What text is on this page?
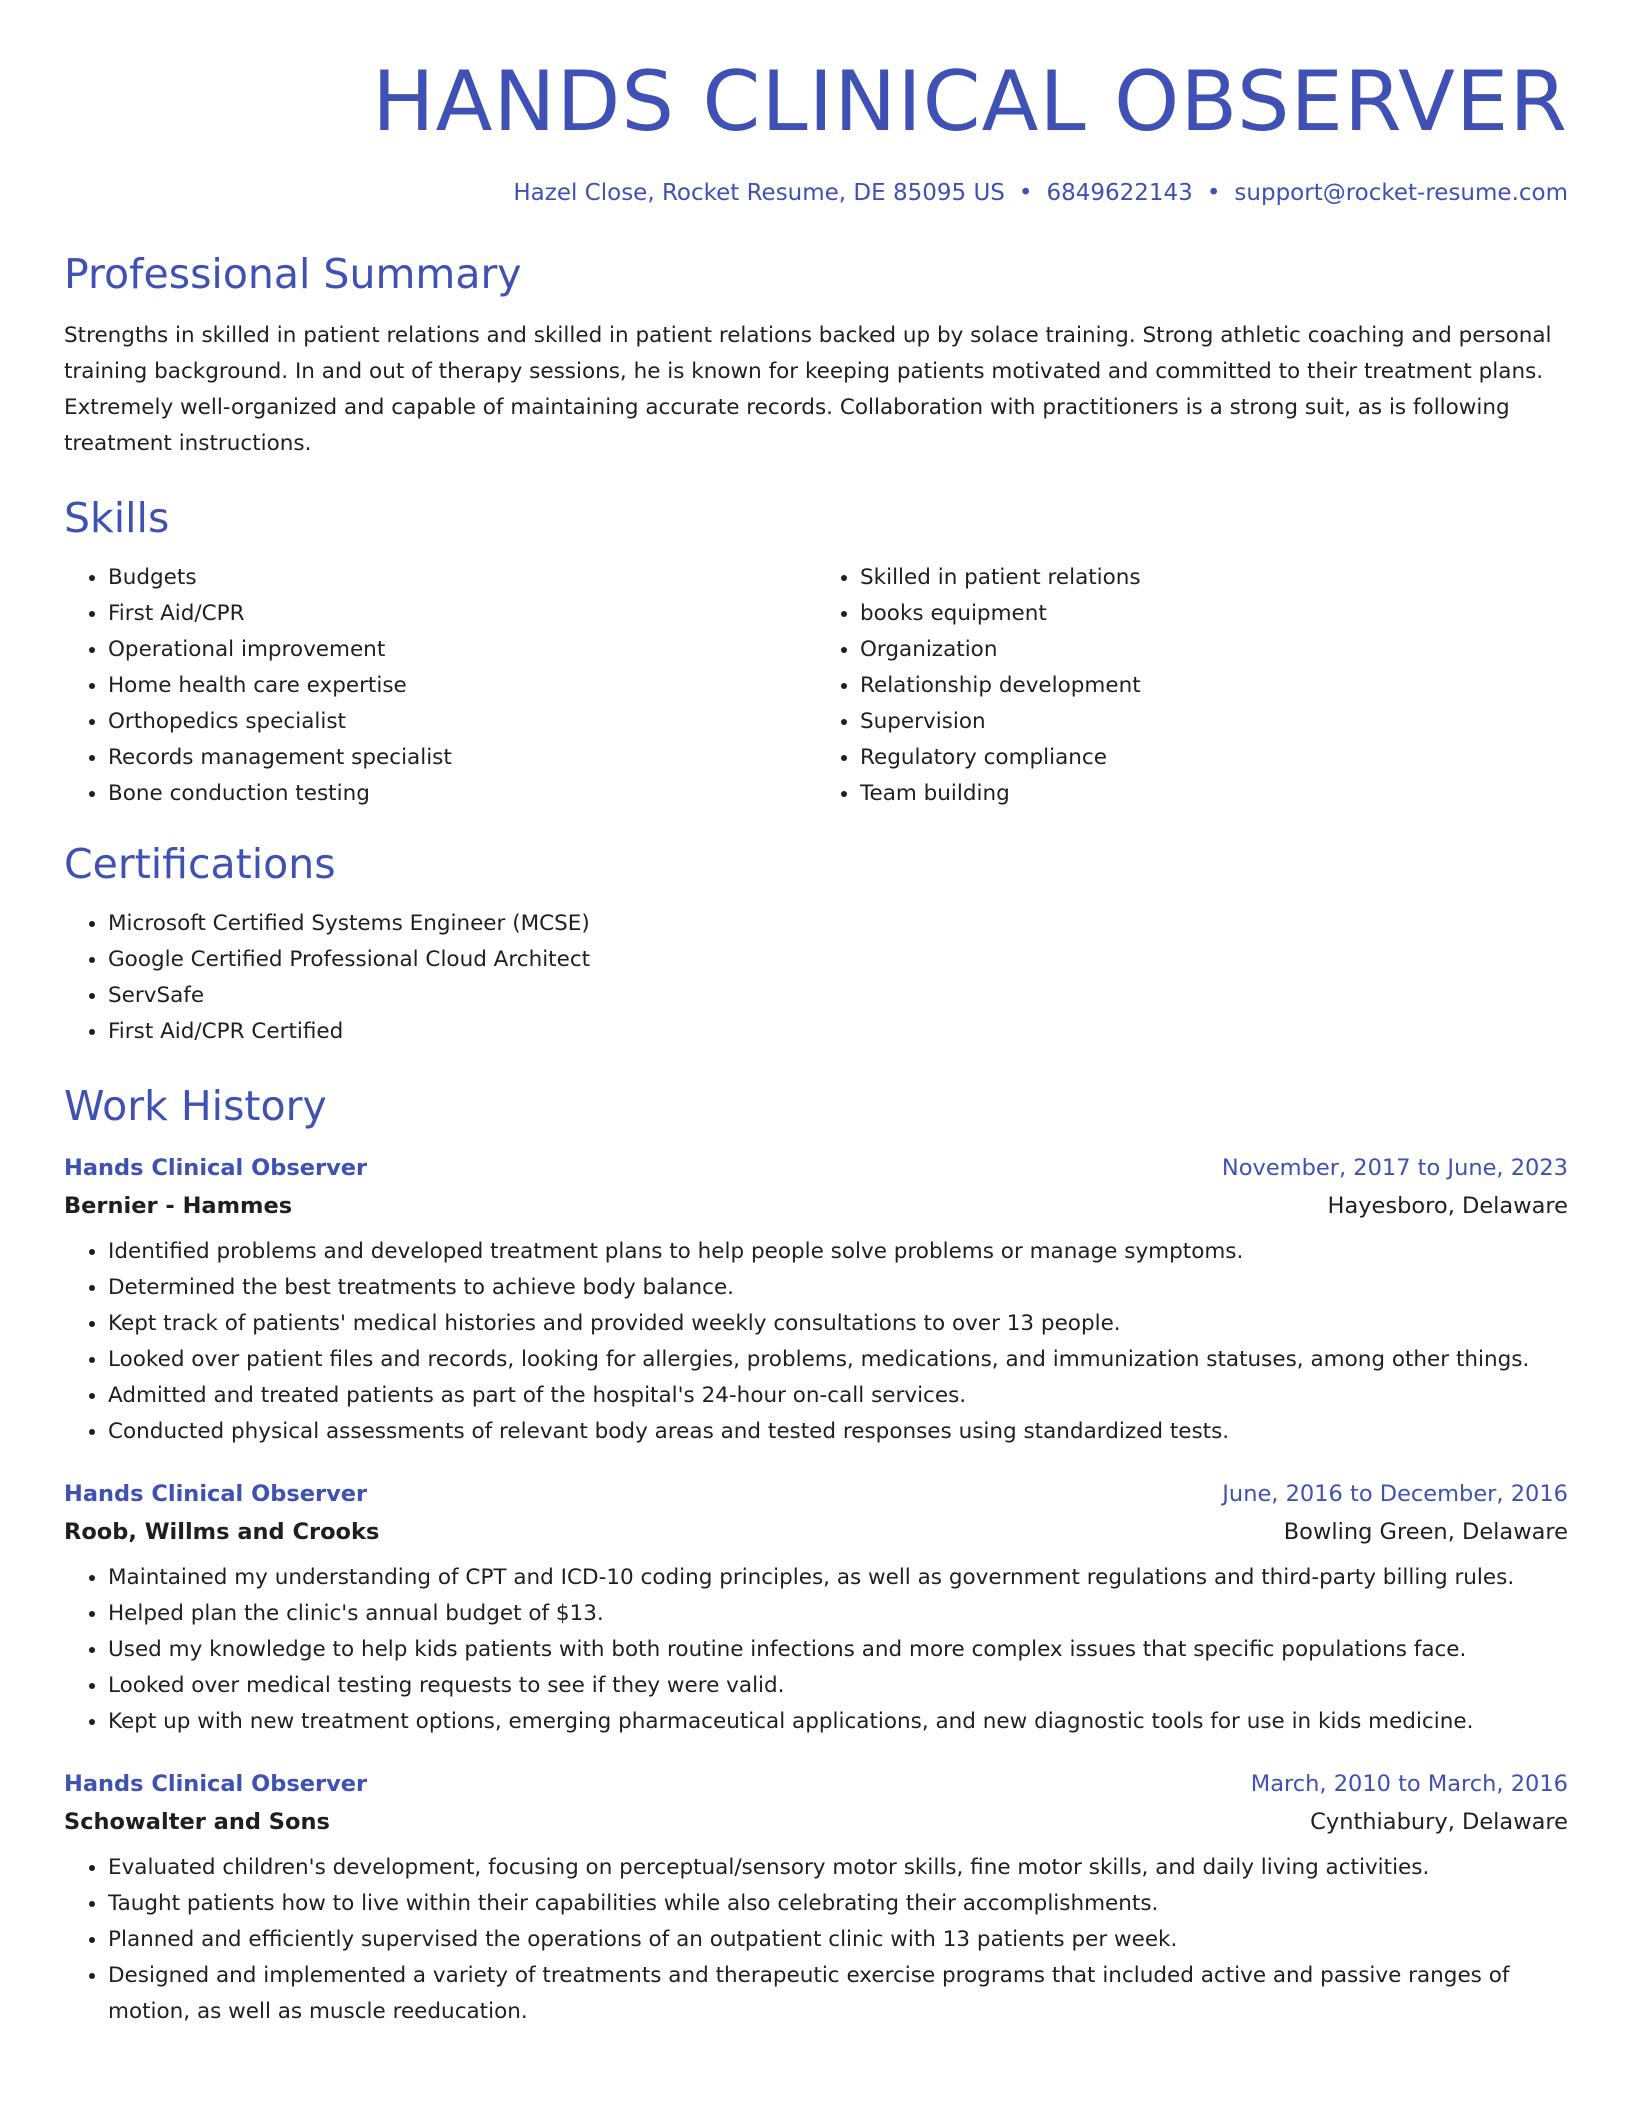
HANDS CLINICAL OBSERVER
Hazel Close, Rocket Resume, DE 85095 US • 6849622143 • support@rocket-resume.com
Professional Summary

Strengths in skilled in patient relations and skilled in patient relations backed up by solace training. Strong athletic coaching and personal training background. In and out of therapy sessions, he is known for keeping patients motivated and committed to their treatment plans. Extremely well-organized and capable of maintaining accurate records. Collaboration with practitioners is a strong suit, as is following treatment instructions.

Skills
• Budgets
• First Aid/CPR
• Operational improvement
• Home health care expertise
• Orthopedics specialist
• Records management specialist
• Bone conduction testing
• Skilled in patient relations
• books equipment
• Organization
• Relationship development
• Supervision
• Regulatory compliance
• Team building
Certifications
• Microsoft Certified Systems Engineer (MCSE)
• Google Certified Professional Cloud Architect
• ServSafe
• First Aid/CPR Certified
Work History
Hands Clinical Observer	November, 2017 to June, 2023
Bernier - Hammes	Hayesboro, Delaware
• Identified problems and developed treatment plans to help people solve problems or manage symptoms.
• Determined the best treatments to achieve body balance.
• Kept track of patients' medical histories and provided weekly consultations to over 13 people.
• Looked over patient files and records, looking for allergies, problems, medications, and immunization statuses, among other things.
• Admitted and treated patients as part of the hospital's 24-hour on-call services.
• Conducted physical assessments of relevant body areas and tested responses using standardized tests.
Hands Clinical Observer	June, 2016 to December, 2016
Roob, Willms and Crooks	Bowling Green, Delaware
• Maintained my understanding of CPT and ICD-10 coding principles, as well as government regulations and third-party billing rules.
• Helped plan the clinic's annual budget of $13.
• Used my knowledge to help kids patients with both routine infections and more complex issues that specific populations face.
• Looked over medical testing requests to see if they were valid.
• Kept up with new treatment options, emerging pharmaceutical applications, and new diagnostic tools for use in kids medicine.
Hands Clinical Observer	March, 2010 to March, 2016
Schowalter and Sons	Cynthiabury, Delaware
• Evaluated children's development, focusing on perceptual/sensory motor skills, fine motor skills, and daily living activities.
• Taught patients how to live within their capabilities while also celebrating their accomplishments.
• Planned and efficiently supervised the operations of an outpatient clinic with 13 patients per week.
• Designed and implemented a variety of treatments and therapeutic exercise programs that included active and passive ranges of motion, as well as muscle reeducation.
